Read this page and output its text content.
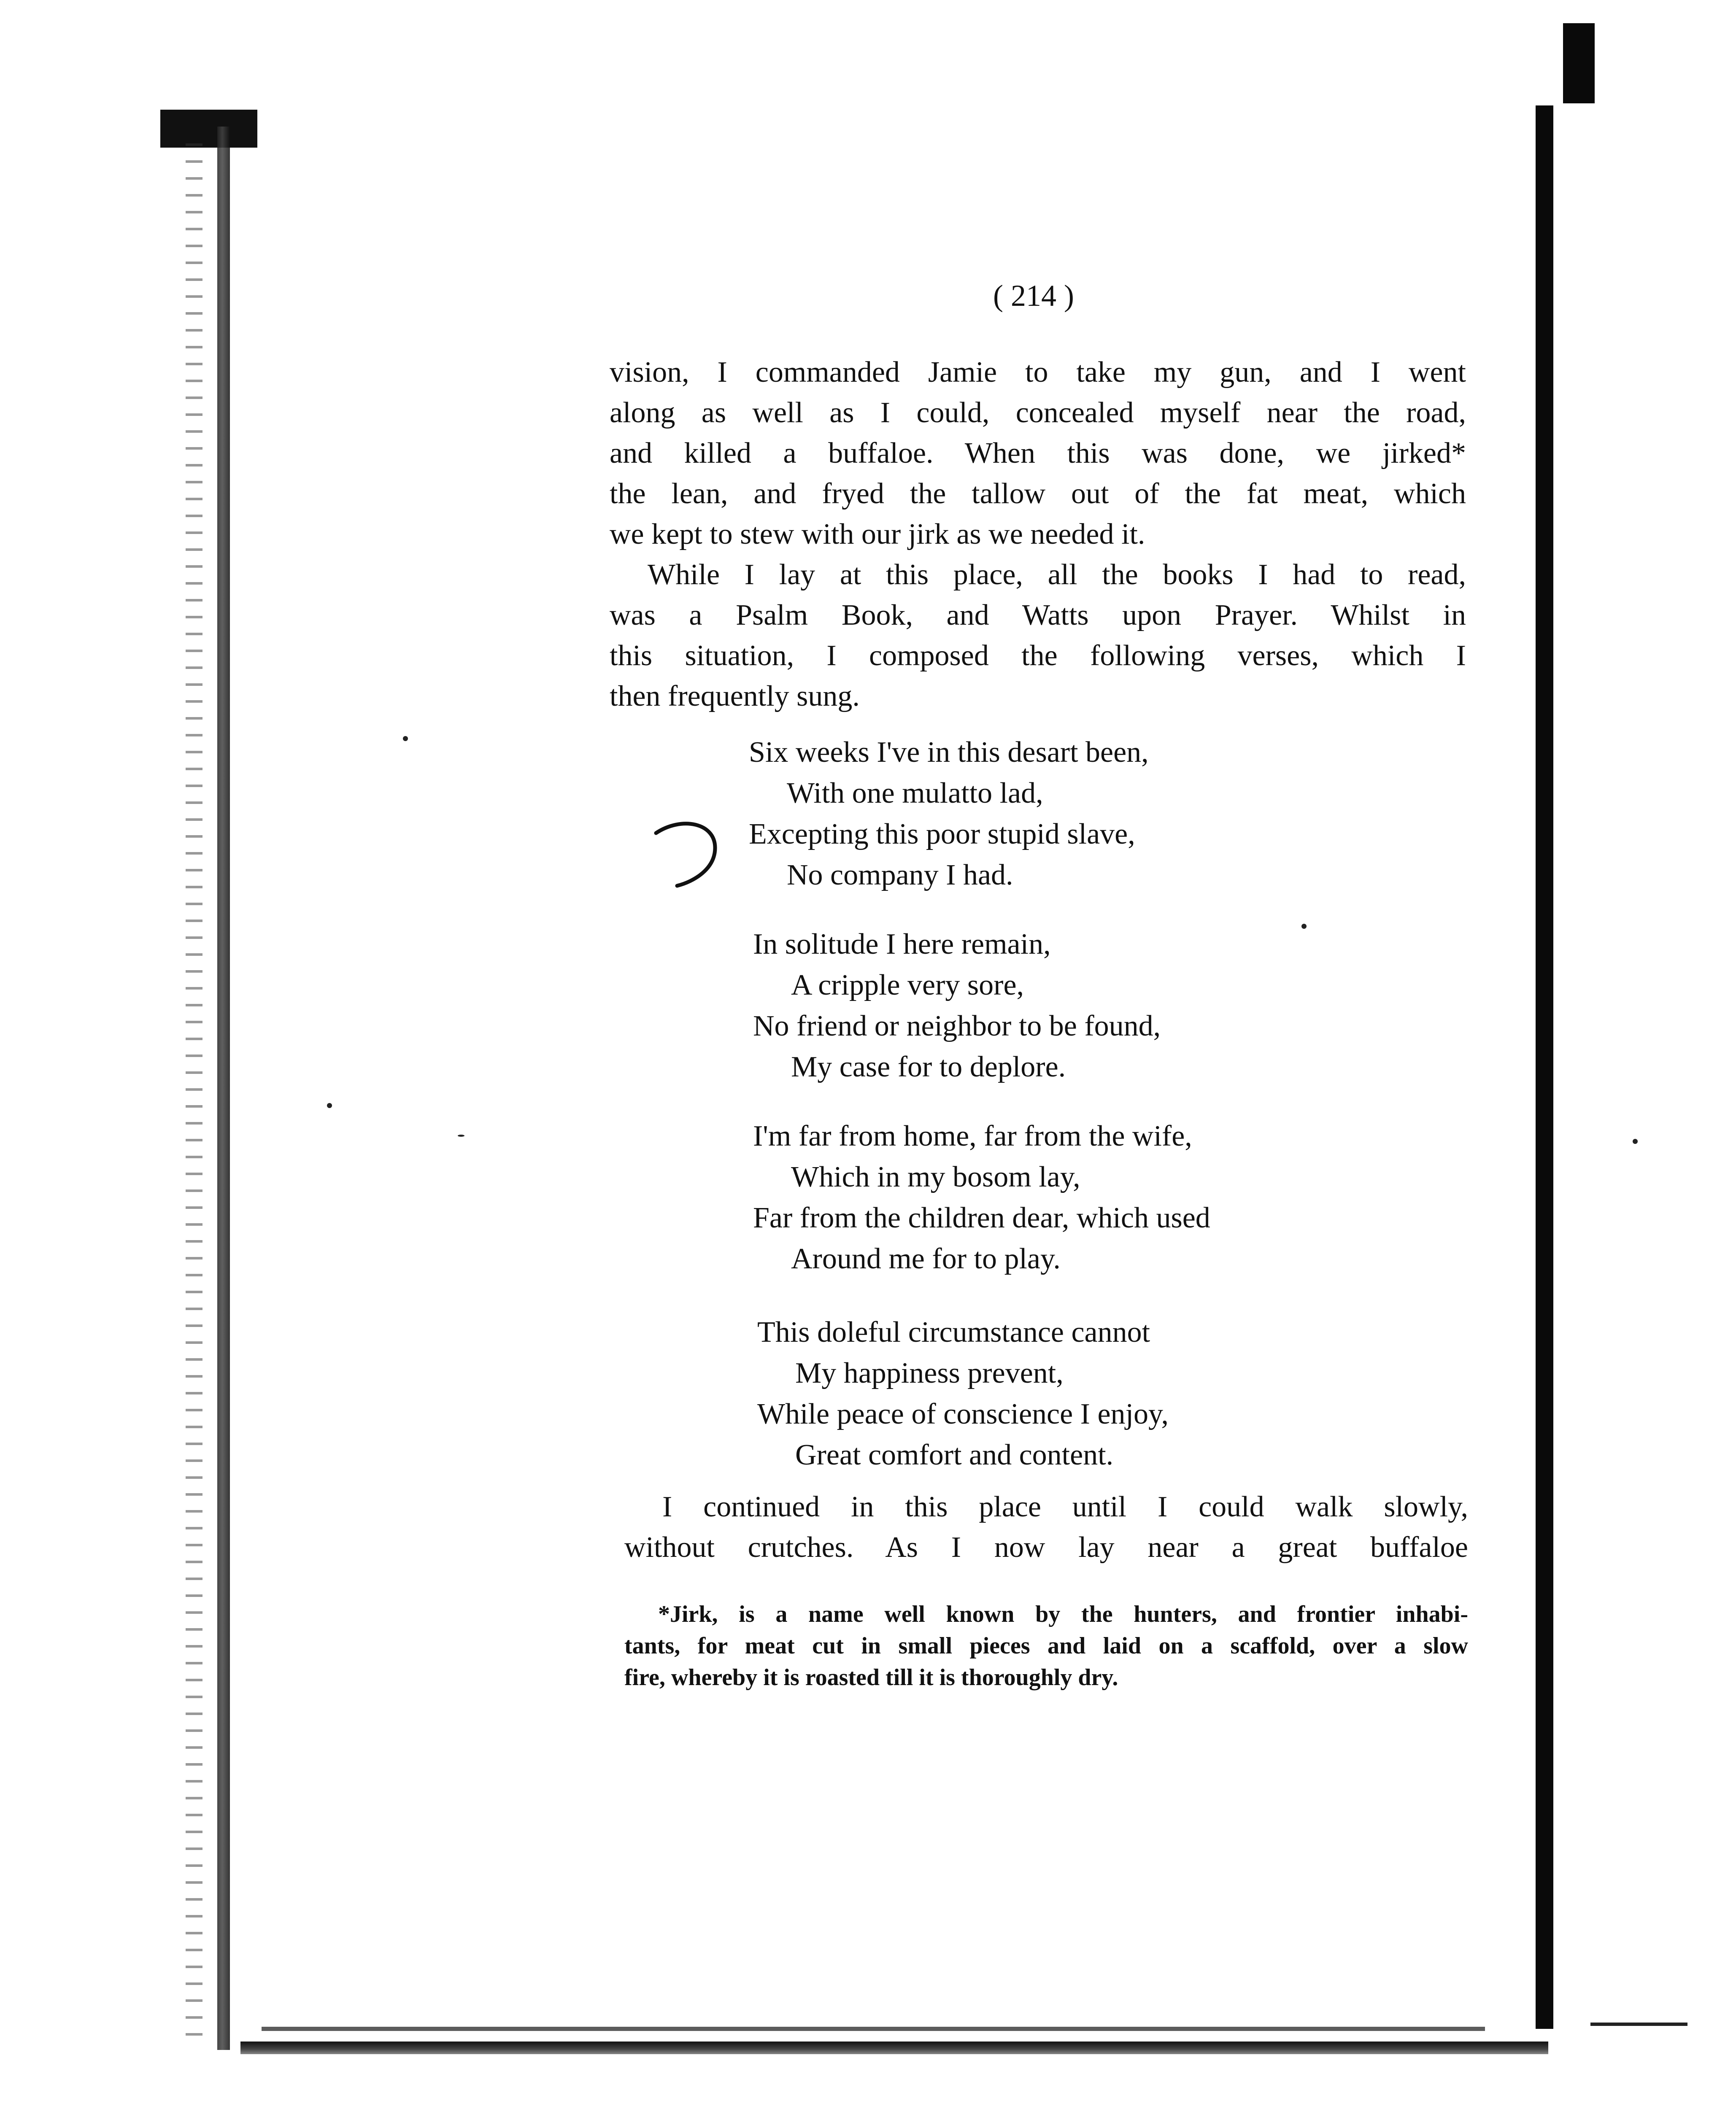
( 214 )
vision, I commanded Jamie to take my gun, and I went
along as well as I could, concealed myself near the road,
and killed a buffaloe. When this was done, we jirked*
the lean, and fryed the tallow out of the fat meat, which
we kept to stew with our jirk as we needed it.
While I lay at this place, all the books I had to read,
was a Psalm Book, and Watts upon Prayer. Whilst in
this situation, I composed the following verses, which I
then frequently sung.
Six weeks I've in this desart been,
With one mulatto lad,
Excepting this poor stupid slave,
No company I had.
In solitude I here remain,
A cripple very sore,
No friend or neighbor to be found,
My case for to deplore.
I'm far from home, far from the wife,
Which in my bosom lay,
Far from the children dear, which used
Around me for to play.
This doleful circumstance cannot
My happiness prevent,
While peace of conscience I enjoy,
Great comfort and content.
I continued in this place until I could walk slowly,
without crutches. As I now lay near a great buffaloe
*Jirk, is a name well known by the hunters, and frontier inhabi-
tants, for meat cut in small pieces and laid on a scaffold, over a slow
fire, whereby it is roasted till it is thoroughly dry.
